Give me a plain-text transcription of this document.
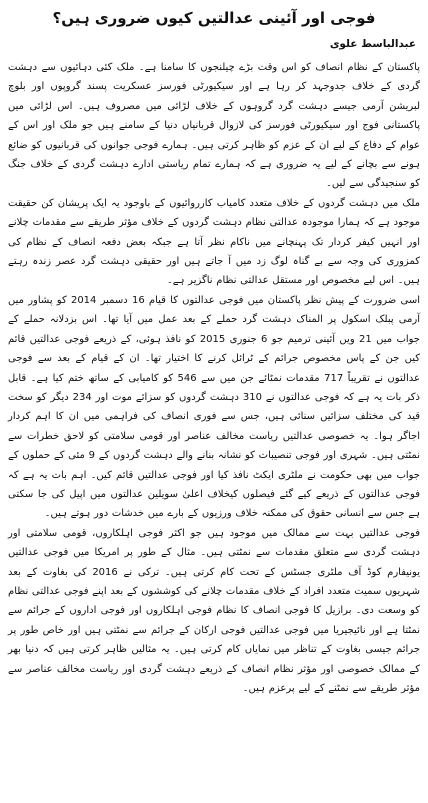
فوجی اور آئینی عدالتیں کیوں ضروری ہیں؟
عبدالباسط علوی

پاکستان کے نظام انصاف کو اس وقت بڑے چیلنجوں کا سامنا ہے۔ ملک کئی دہائیوں سے دہشت گردی کے خلاف جدوجہد کر رہا ہے اور سیکیورٹی فورسز عسکریت پسند گروپوں اور بلوچ لبریشن آرمی جیسے دہشت گرد گروہوں کے خلاف لڑائی میں مصروف ہیں۔ اس لڑائی میں پاکستانی فوج اور سیکیورٹی فورسز کی لازوال قربانیاں دنیا کے سامنے ہیں جو ملک اور اس کے عوام کے دفاع کے لیے ان کے عزم کو ظاہر کرتی ہیں۔ ہمارے فوجی جوانوں کی قربانیوں کو ضائع ہونے سے بچانے کے لیے یہ ضروری ہے کہ ہمارے تمام ریاستی ادارے دہشت گردی کے خلاف جنگ کو سنجیدگی سے لیں۔

ملک میں دہشت گردوں کے خلاف متعدد کامیاب کارروائیوں کے باوجود یہ ایک پریشان کن حقیقت موجود ہے کہ ہمارا موجودہ عدالتی نظام دہشت گردوں کے خلاف مؤثر طریقے سے مقدمات چلانے اور انہیں کیفر کردار تک پہنچانے میں ناکام نظر آتا ہے جبکہ بعض دفعہ انصاف کے نظام کی کمزوری کی وجہ سے بے گناہ لوگ زد میں آ جاتے ہیں اور حقیقی دہشت گرد عصر زندہ رہتے ہیں۔ اس لیے مخصوص اور مستقل عدالتی نظام ناگزیر ہے۔

اسی ضرورت کے پیش نظر پاکستان میں فوجی عدالتوں کا قیام 16 دسمبر 2014 کو پشاور میں آرمی پبلک اسکول پر المناک دہشت گرد حملے کے بعد عمل میں آیا تھا۔ اس بزدلانہ حملے کے جواب میں 21 ویں آئینی ترمیم جو 6 جنوری 2015 کو نافذ ہوئی، کے ذریعے فوجی عدالتیں قائم کیں جن کے پاس مخصوص جرائم کے ٹرائل کرنے کا اختیار تھا۔ ان کے قیام کے بعد سے فوجی عدالتوں نے تقریباً 717 مقدمات نمٹائے جن میں سے 546 کو کامیابی کے ساتھ ختم کیا ہے۔ قابل ذکر بات یہ ہے کہ فوجی عدالتوں نے 310 دہشت گردوں کو سزائے موت اور 234 دیگر کو سخت قید کی مختلف سزائیں سنائی ہیں، جس سے فوری انصاف کی فراہمی میں ان کا اہم کردار اجاگر ہوا۔ یہ خصوصی عدالتیں ریاست مخالف عناصر اور قومی سلامتی کو لاحق خطرات سے نمٹتی ہیں۔ شہری اور فوجی تنصیبات کو نشانہ بنانے والے دہشت گردوں کے 9 مئی کے حملوں کے جواب میں بھی حکومت نے ملٹری ایکٹ نافذ کیا اور فوجی عدالتیں قائم کیں۔ اہم بات یہ ہے کہ فوجی عدالتوں کے ذریعے کیے گئے فیصلوں کیخلاف اعلیٰ سویلین عدالتوں میں اپیل کی جا سکتی ہے جس سے انسانی حقوق کی ممکنہ خلاف ورزیوں کے بارے میں خدشات دور ہوتے ہیں۔

فوجی عدالتیں بہت سے ممالک میں موجود ہیں جو اکثر فوجی اہلکاروں، قومی سلامتی اور دہشت گردی سے متعلق مقدمات سے نمٹتی ہیں۔ مثال کے طور پر امریکا میں فوجی عدالتیں یونیفارم کوڈ آف ملٹری جسٹس کے تحت کام کرتی ہیں۔ ترکی نے 2016 کی بغاوت کے بعد شہریوں سمیت متعدد افراد کے خلاف مقدمات چلانے کی کوششوں کے بعد اپنے فوجی عدالتی نظام کو وسعت دی۔ برازیل کا فوجی انصاف کا نظام فوجی اہلکاروں اور فوجی اداروں کے جرائم سے نمٹتا ہے اور نائیجیریا میں فوجی عدالتیں فوجی ارکان کے جرائم سے نمٹتی ہیں اور خاص طور پر جرائم جیسی بغاوت کے تناظر میں نمایاں کام کرتی ہیں۔ یہ مثالیں ظاہر کرتی ہیں کہ دنیا بھر کے ممالک خصوصی اور مؤثر نظام انصاف کے ذریعے دہشت گردی اور ریاست مخالف عناصر سے مؤثر طریقے سے نمٹنے کے لیے پرعزم ہیں۔
